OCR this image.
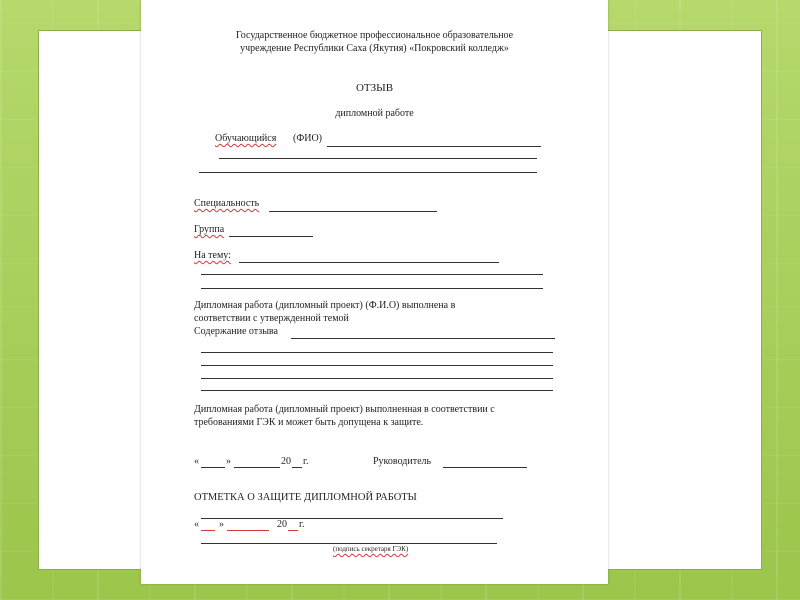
Государственное бюджетное профессиональное образовательное
учреждение Республики Саха (Якутия) «Покровский колледж»
ОТЗЫВ
дипломной работе
Обучающийся (ФИО)
Специальность
Группа
На тему:
Дипломная работа (дипломный проект) (Ф.И.О) выполнена в
соответствии с утвержденной темой
Содержание отзыва
Дипломная работа (дипломный проект) выполненная в соответствии с
требованиями ГЭК и может быть допущена к защите.
«	»	20 г.	Руководитель
ОТМЕТКА О ЗАЩИТЕ ДИПЛОМНОЙ РАБОТЫ
« »	20 г.
(подпись секретаря ГЭК)
